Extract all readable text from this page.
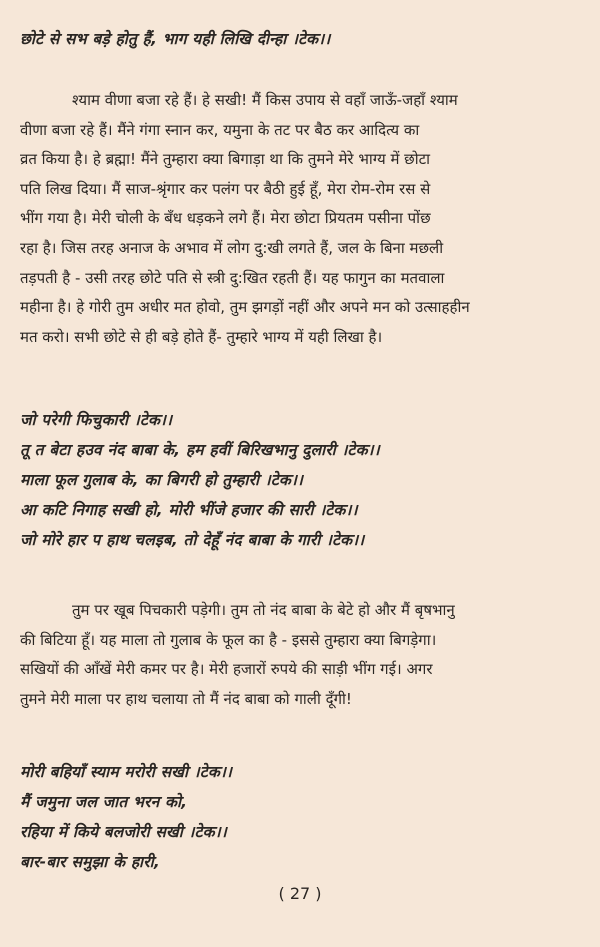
छोटे से सभ बड़े होतु हैं, भाग यही लिखि दीन्हा ।टेक।।
श्याम वीणा बजा रहे हैं। हे सखी! मैं किस उपाय से वहाँ जाऊँ-जहाँ श्याम
वीणा बजा रहे हैं। मैंने गंगा स्नान कर, यमुना के तट पर बैठ कर आदित्य का
व्रत किया है। हे ब्रह्मा! मैंने तुम्हारा क्या बिगाड़ा था कि तुमने मेरे भाग्य में छोटा
पति लिख दिया। मैं साज-श्रृंगार कर पलंग पर बैठी हुई हूँ, मेरा रोम-रोम रस से
भींग गया है। मेरी चोली के बँध धड़कने लगे हैं। मेरा छोटा प्रियतम पसीना पोंछ
रहा है। जिस तरह अनाज के अभाव में लोग दु:खी लगते हैं, जल के बिना मछली
तड़पती है - उसी तरह छोटे पति से स्त्री दु:खित रहती हैं। यह फागुन का मतवाला
महीना है। हे गोरी तुम अधीर मत होवो, तुम झगड़ों नहीं और अपने मन को उत्साहहीन
मत करो। सभी छोटे से ही बड़े होते हैं- तुम्हारे भाग्य में यही लिखा है।
जो परेगी फिचुकारी ।टेक।।
तू त बेटा हउव नंद बाबा के, हम हवीं बिरिखभानु दुलारी ।टेक।।
माला फूल गुलाब के, का बिगरी हो तुम्हारी ।टेक।।
आ कटि निगाह सखी हो, मोरी भींजे हजार की सारी ।टेक।।
जो मोरे हार प हाथ चलइब, तो देहूँ नंद बाबा के गारी ।टेक।।
तुम पर खूब पिचकारी पड़ेगी। तुम तो नंद बाबा के बेटे हो और मैं बृषभानु
की बिटिया हूँ। यह माला तो गुलाब के फूल का है - इससे तुम्हारा क्या बिगड़ेगा।
सखियों की आँखें मेरी कमर पर है। मेरी हजारों रुपये की साड़ी भींग गई। अगर
तुमने मेरी माला पर हाथ चलाया तो मैं नंद बाबा को गाली दूँगी!
मोरी बहियाँ स्याम मरोरी सखी ।टेक।।
मैं जमुना जल जात भरन को,
रहिया में किये बलजोरी सखी ।टेक।।
बार-बार समुझा के हारी,
( 27 )
